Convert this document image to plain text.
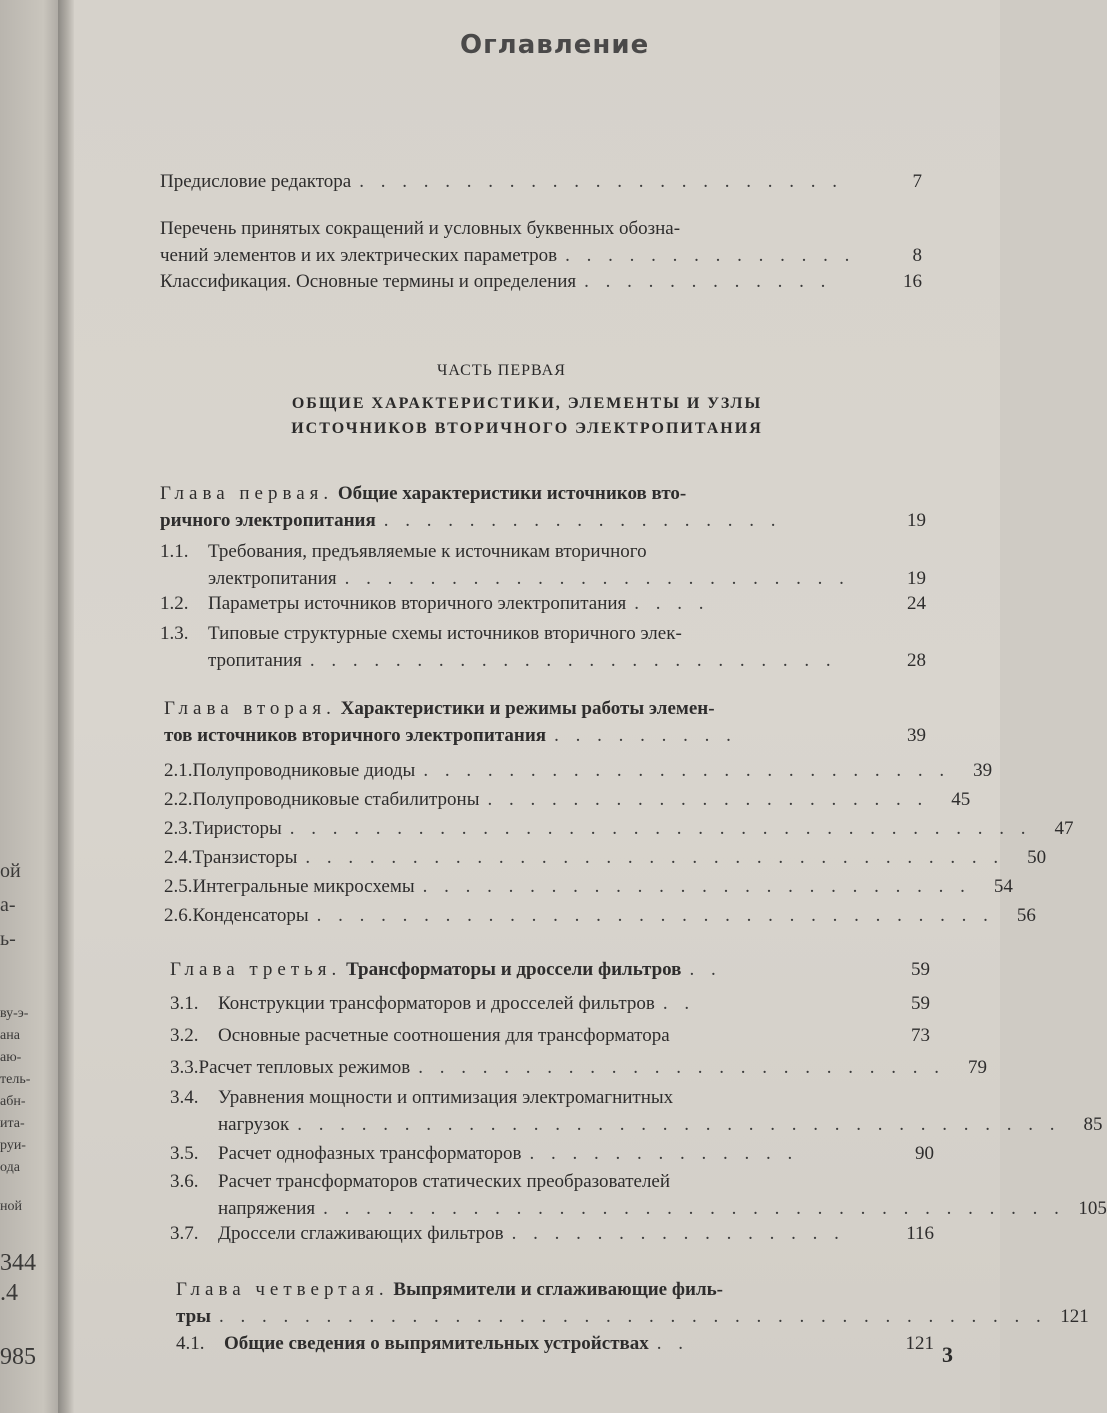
ой
а-
ь-
ву-э-
ана
аю-
тель-
абн-
ита-
руи-
ода
ной
344
.4
985
Оглавление
Предисловие редактора . . . . . . . . . . . . . . . . . . . . . . .	7
Перечень принятых сокращений и условных буквенных обозна-
чений элементов и их электрических параметров . . . . . . . . . . . . . .	8
Классификация. Основные термины и определения . . . . . . . . . . . .	16
ЧАСТЬ ПЕРВАЯ
ОБЩИЕ ХАРАКТЕРИСТИКИ, ЭЛЕМЕНТЫ И УЗЛЫ
ИСТОЧНИКОВ ВТОРИЧНОГО ЭЛЕКТРОПИТАНИЯ
Глава первая.
Общие характеристики источников вто-
ричного электропитания . . . . . . . . . . . . . . . . . . .	19
1.1.	Требования, предъявляемые к источникам вторичного
электропитания . . . . . . . . . . . . . . . . . . . . . . . .	19
1.2.	Параметры источников вторичного электропитания . . . .	24
1.3.	Типовые структурные схемы источников вторичного элек-
тропитания . . . . . . . . . . . . . . . . . . . . . . . . .	28
Глава вторая.
Характеристики и режимы работы элемен-
тов источников вторичного электропитания . . . . . . . . .	39
2.1. Полупроводниковые диоды . . . . . . . . . . . . . . . . . . . . . . . . .	39
2.2. Полупроводниковые стабилитроны . . . . . . . . . . . . . . . . . . . . .	45
2.3. Тиристоры . . . . . . . . . . . . . . . . . . . . . . . . . . . . . . . . . . .	47
2.4. Транзисторы . . . . . . . . . . . . . . . . . . . . . . . . . . . . . . . . .	50
2.5. Интегральные микросхемы . . . . . . . . . . . . . . . . . . . . . . . . . .	54
2.6. Конденсаторы . . . . . . . . . . . . . . . . . . . . . . . . . . . . . . . .	56
Глава третья.
Трансформаторы и дроссели фильтров . .	59
3.1.	Конструкции трансформаторов и дросселей фильтров . .	59
3.2.	Основные расчетные соотношения для трансформатора	73
3.3. Расчет тепловых режимов . . . . . . . . . . . . . . . . . . . . . . . . .	79
3.4.	Уравнения мощности и оптимизация электромагнитных
нагрузок . . . . . . . . . . . . . . . . . . . . . . . . . . . . . . . . . . . .	85
3.5.	Расчет однофазных трансформаторов . . . . . . . . . . . . .	90
3.6.	Расчет трансформаторов статических преобразователей
напряжения . . . . . . . . . . . . . . . . . . . . . . . . . . . . . . . . . . . 105
3.7.	Дроссели сглаживающих фильтров . . . . . . . . . . . . . . . .	116
Глава четвертая.
Выпрямители и сглаживающие филь-
тры . . . . . . . . . . . . . . . . . . . . . . . . . . . . . . . . . . . . . . . 121
4.1.	Общие сведения о выпрямительных устройствах . .	121 3
